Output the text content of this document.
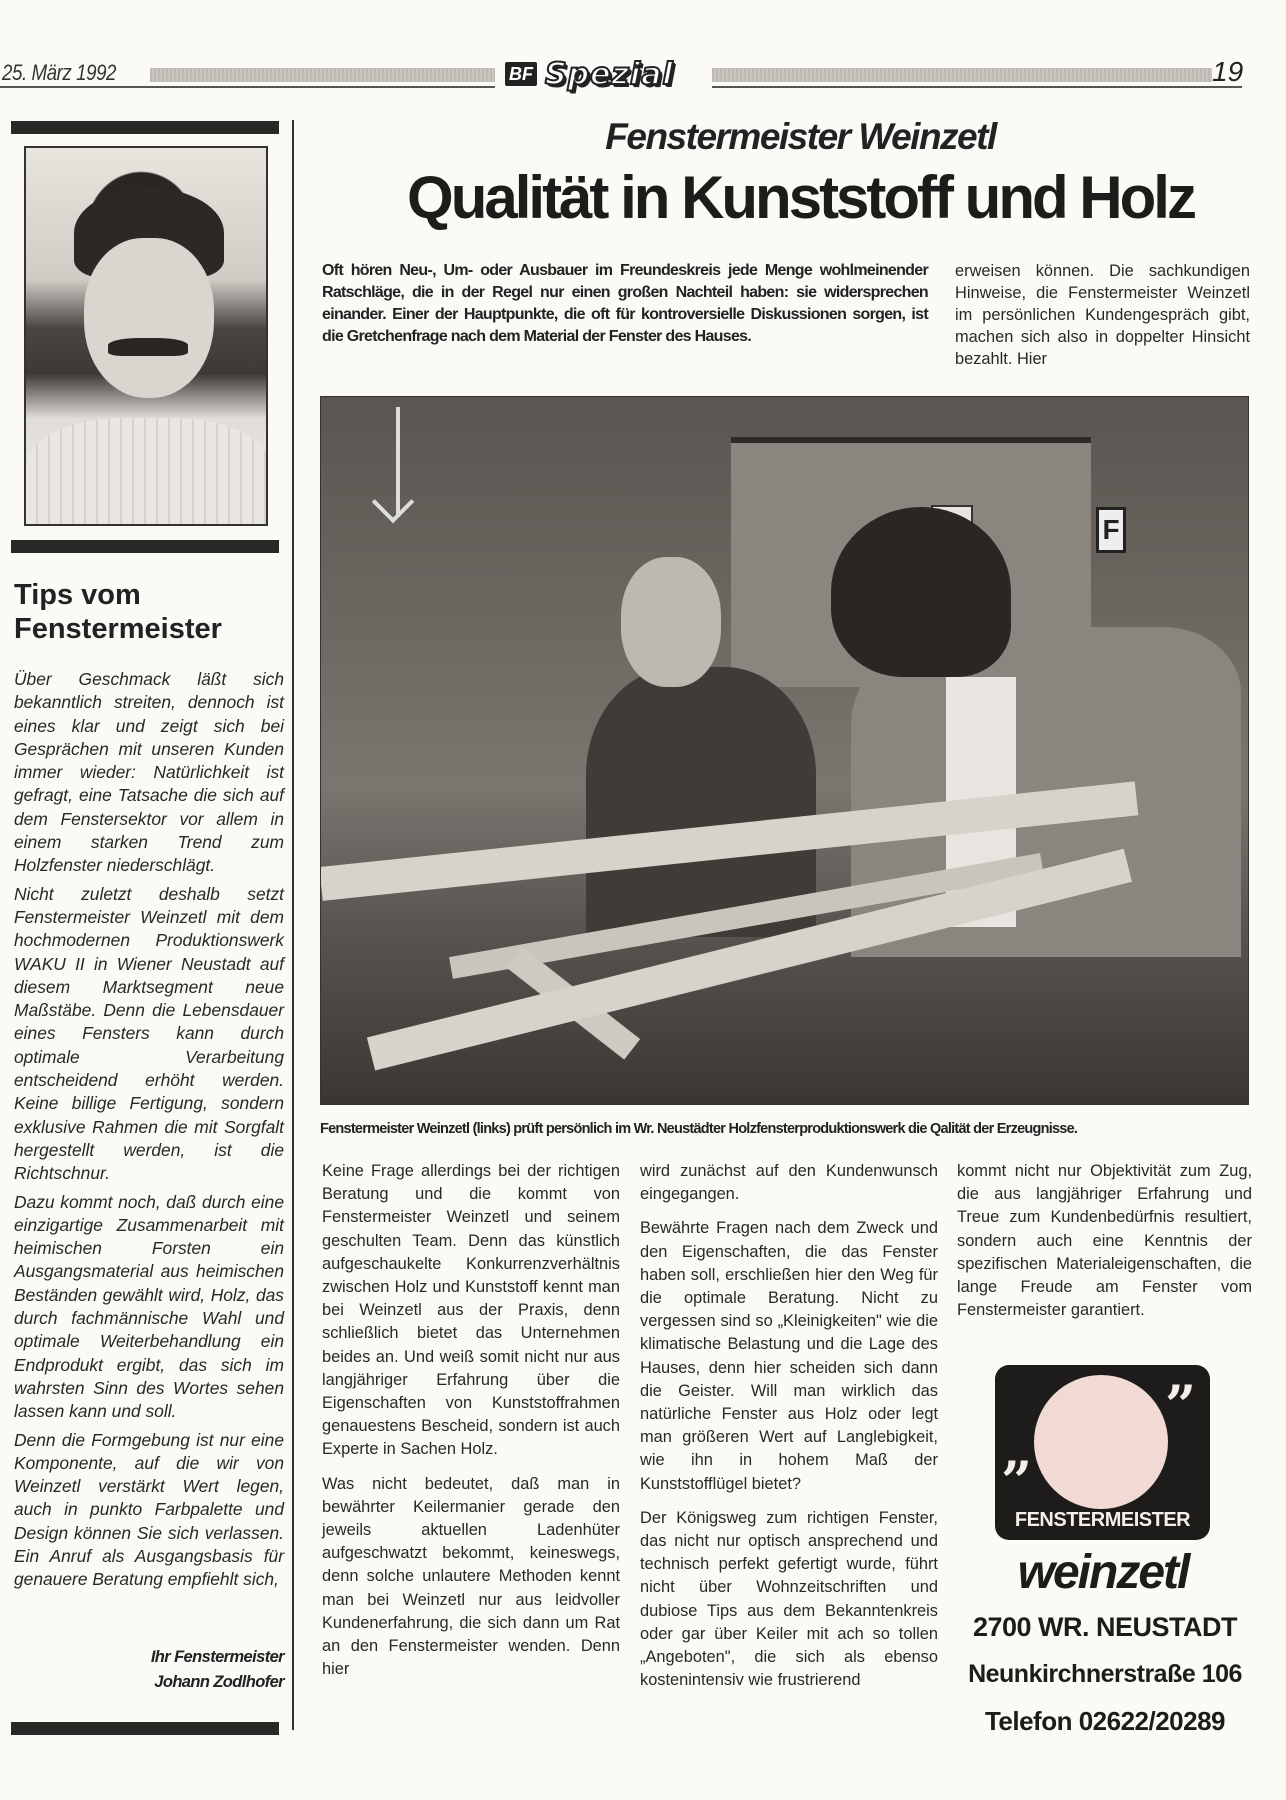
25. März 1992	BF Spezial	19
Tips vom
Fenstermeister

Über Geschmack läßt sich bekanntlich streiten, dennoch ist eines klar und zeigt sich bei Gesprächen mit unseren Kunden immer wieder: Natürlichkeit ist gefragt, eine Tatsache die sich auf dem Fenstersektor vor allem in einem starken Trend zum Holzfenster niederschlägt.

Nicht zuletzt deshalb setzt Fenstermeister Weinzetl mit dem hochmodernen Produktionswerk WAKU II in Wiener Neustadt auf diesem Marktsegment neue Maßstäbe. Denn die Lebensdauer eines Fensters kann durch optimale Verarbeitung entscheidend erhöht werden. Keine billige Fertigung, sondern exklusive Rahmen die mit Sorgfalt hergestellt werden, ist die Richtschnur.

Dazu kommt noch, daß durch eine einzigartige Zusammenarbeit mit heimischen Forsten ein Ausgangsmaterial aus heimischen Beständen gewählt wird, Holz, das durch fachmännische Wahl und optimale Weiterbehandlung ein Endprodukt ergibt, das sich im wahrsten Sinn des Wortes sehen lassen kann und soll.

Denn die Formgebung ist nur eine Komponente, auf die wir von Weinzetl verstärkt Wert legen, auch in punkto Farbpalette und Design können Sie sich verlassen. Ein Anruf als Ausgangsbasis für genauere Beratung empfiehlt sich,

Ihr Fenstermeister
Johann Zodlhofer
Fenstermeister Weinzetl
Qualität in Kunststoff und Holz

Oft hören Neu-, Um- oder Ausbauer im Freundeskreis jede Menge wohlmeinender Ratschläge, die in der Regel nur einen großen Nachteil haben: sie widersprechen einander. Einer der Hauptpunkte, die oft für kontroversielle Diskussionen sorgen, ist die Gretchenfrage nach dem Material der Fenster des Hauses.

erweisen können. Die sachkundigen Hinweise, die Fenstermeister Weinzetl im persönlichen Kundengespräch gibt, machen sich also in doppelter Hinsicht bezahlt. Hier

F
Fenstermeister Weinzetl (links) prüft persönlich im Wr. Neustädter Holzfensterproduktionswerk die Qalität der Erzeugnisse.

Keine Frage allerdings bei der richtigen Beratung und die kommt von Fenstermeister Weinzetl und seinem geschulten Team. Denn das künstlich aufgeschaukelte Konkurrenzverhältnis zwischen Holz und Kunststoff kennt man bei Weinzetl aus der Praxis, denn schließlich bietet das Unternehmen beides an. Und weiß somit nicht nur aus langjähriger Erfahrung über die Eigenschaften von Kunststoffrahmen genauestens Bescheid, sondern ist auch Experte in Sachen Holz.

Was nicht bedeutet, daß man in bewährter Keilermanier gerade den jeweils aktuellen Ladenhüter aufgeschwatzt bekommt, keineswegs, denn solche unlautere Methoden kennt man bei Weinzetl nur aus leidvoller Kundenerfahrung, die sich dann um Rat an den Fenstermeister wenden. Denn hier

wird zunächst auf den Kundenwunsch eingegangen.

Bewährte Fragen nach dem Zweck und den Eigenschaften, die das Fenster haben soll, erschließen hier den Weg für die optimale Beratung. Nicht zu vergessen sind so „Kleinigkeiten" wie die klimatische Belastung und die Lage des Hauses, denn hier scheiden sich dann die Geister. Will man wirklich das natürliche Fenster aus Holz oder legt man größeren Wert auf Langlebigkeit, wie ihn in hohem Maß der Kunststofflügel bietet?

Der Königsweg zum richtigen Fenster, das nicht nur optisch ansprechend und technisch perfekt gefertigt wurde, führt nicht über Wohnzeitschriften und dubiose Tips aus dem Bekanntenkreis oder gar über Keiler mit ach so tollen „Angeboten", die sich als ebenso kostenintensiv wie frustrierend

kommt nicht nur Objektivität zum Zug, die aus langjähriger Erfahrung und Treue zum Kundenbedürfnis resultiert, sondern auch eine Kenntnis der spezifischen Materialeigenschaften, die lange Freude am Fenster vom Fenstermeister garantiert.

”
”
FENSTERMEISTER
weinzetl
2700 WR. NEUSTADT
Neunkirchnerstraße 106
Telefon 02622/20289
